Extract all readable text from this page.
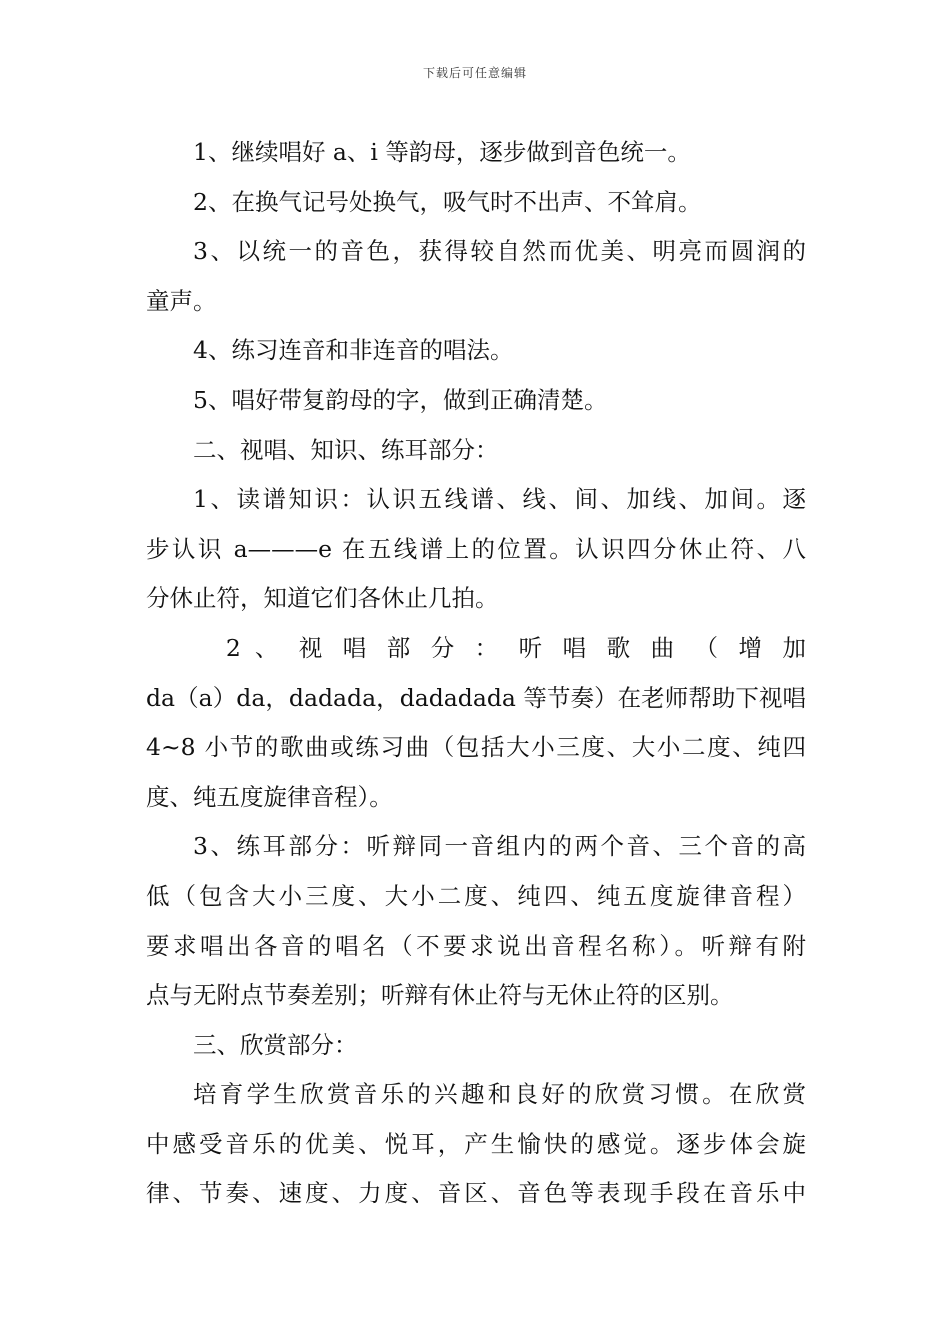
下载后可任意编辑

1、继续唱好 a、i 等韵母，逐步做到音色统一。

2、在换气记号处换气，吸气时不出声、不耸肩。

3、以统一的音色，获得较自然而优美、明亮而圆润的
童声。

4、练习连音和非连音的唱法。

5、唱好带复韵母的字，做到正确清楚。

二、视唱、知识、练耳部分：

1、读谱知识：认识五线谱、线、间、加线、加间。逐
步认识 a———e 在五线谱上的位置。认识四分休止符、八
分休止符，知道它们各休止几拍。
2 、 视 唱 部 分 ： 听 唱 歌 曲 （ 增 加
da（a）da，dadada，dadadada 等节奏）在老师帮助下视唱
4~8 小节的歌曲或练习曲（包括大小三度、大小二度、纯四
度、纯五度旋律音程）。
3、练耳部分：听辩同一音组内的两个音、三个音的高
低（包含大小三度、大小二度、纯四、纯五度旋律音程）
要求唱出各音的唱名（不要求说出音程名称）。听辩有附
点与无附点节奏差别；听辩有休止符与无休止符的区别。

三、欣赏部分：

培育学生欣赏音乐的兴趣和良好的欣赏习惯。在欣赏
中感受音乐的优美、悦耳，产生愉快的感觉。逐步体会旋
律、节奏、速度、力度、音区、音色等表现手段在音乐中
